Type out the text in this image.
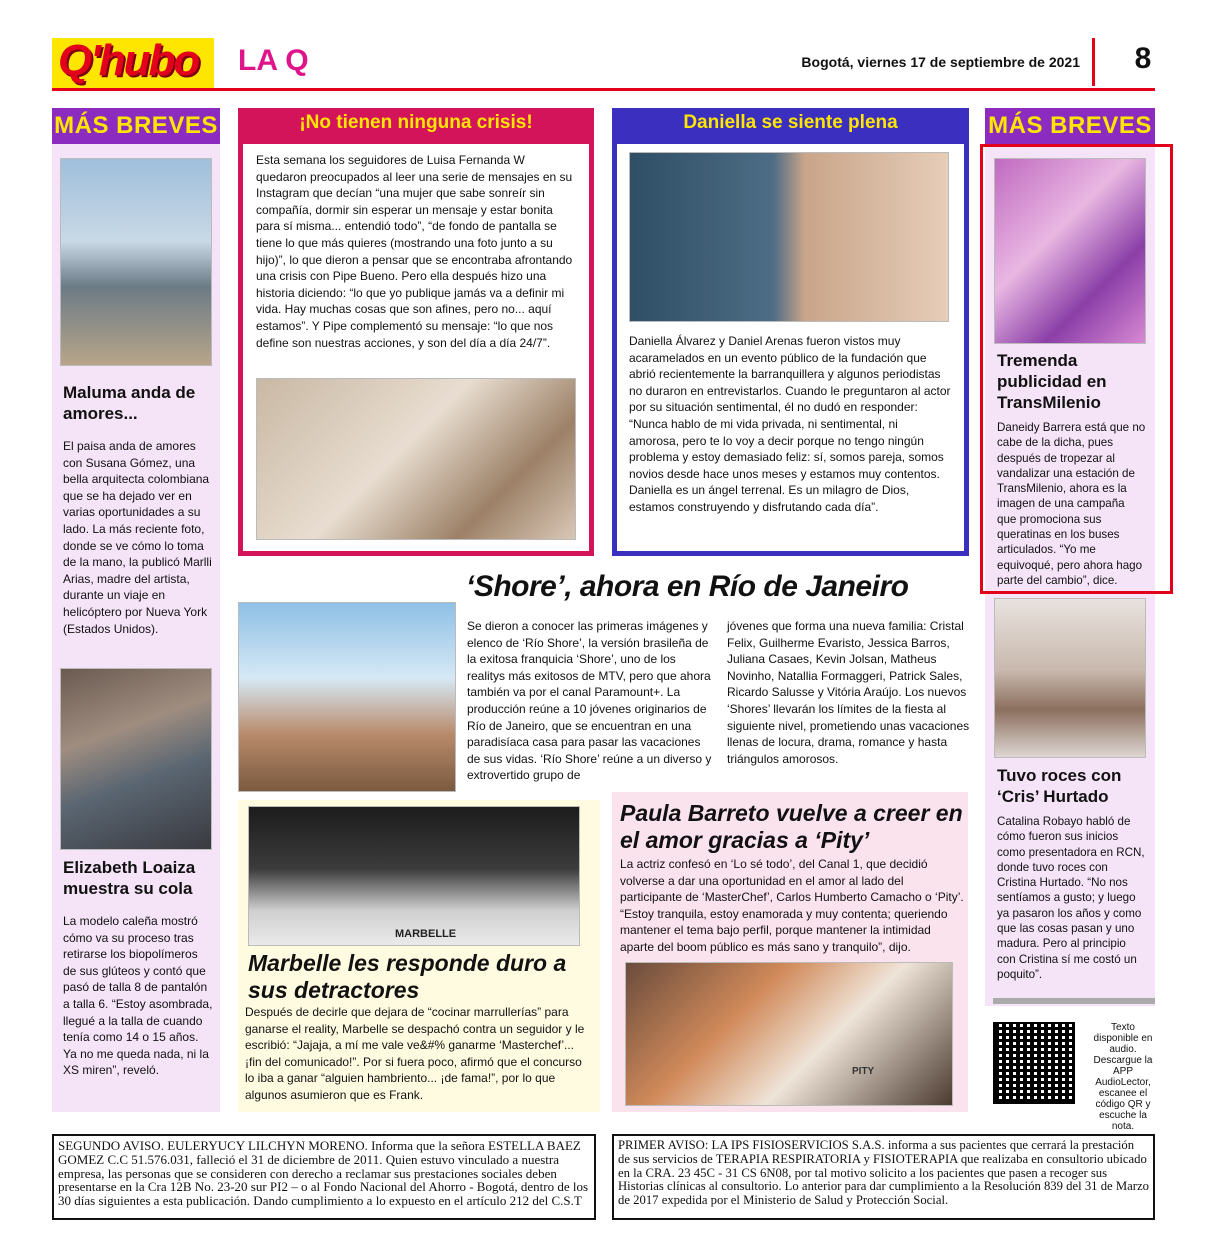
Q'hubo LA Q	Bogotá, viernes 17 de septiembre de 2021	8
MÁS BREVES
Maluma anda de amores...
El paisa anda de amores con Susana Gómez, una bella arquitecta colombiana que se ha dejado ver en varias oportunidades a su lado. La más reciente foto, donde se ve cómo lo toma de la mano, la publicó Marlli Arias, madre del artista, durante un viaje en helicóptero por Nueva York (Estados Unidos).
Elizabeth Loaiza muestra su cola
La modelo caleña mostró cómo va su proceso tras retirarse los biopolímeros de sus glúteos y contó que pasó de talla 8 de pantalón a talla 6. “Estoy asombrada, llegué a la talla de cuando tenía como 14 o 15 años. Ya no me queda nada, ni la XS miren”, reveló.
¡No tienen ninguna crisis!
Esta semana los seguidores de Luisa Fernanda W quedaron preocupados al leer una serie de mensajes en su Instagram que decían “una mujer que sabe sonreír sin compañía, dormir sin esperar un mensaje y estar bonita para sí misma... entendió todo”, “de fondo de pantalla se tiene lo que más quieres (mostrando una foto junto a su hijo)”, lo que dieron a pensar que se encontraba afrontando una crisis con Pipe Bueno. Pero ella después hizo una historia diciendo: “lo que yo publique jamás va a definir mi vida. Hay muchas cosas que son afines, pero no... aquí estamos”. Y Pipe complementó su mensaje: “lo que nos define son nuestras acciones, y son del día a día 24/7”.
Daniella se siente plena
Daniella Álvarez y Daniel Arenas fueron vistos muy acaramelados en un evento público de la fundación que abrió recientemente la barranquillera y algunos periodistas no duraron en entrevistarlos. Cuando le preguntaron al actor por su situación sentimental, él no dudó en responder: “Nunca hablo de mi vida privada, ni sentimental, ni amorosa, pero te lo voy a decir porque no tengo ningún problema y estoy demasiado feliz: sí, somos pareja, somos novios desde hace unos meses y estamos muy contentos. Daniella es un ángel terrenal. Es un milagro de Dios, estamos construyendo y disfrutando cada día”.
MÁS BREVES
Tremenda publicidad en TransMilenio
Daneidy Barrera está que no cabe de la dicha, pues después de tropezar al vandalizar una estación de TransMilenio, ahora es la imagen de una campaña que promociona sus queratinas en los buses articulados. “Yo me equivoqué, pero ahora hago parte del cambio”, dice.
Tuvo roces con ‘Cris’ Hurtado
Catalina Robayo habló de cómo fueron sus inicios como presentadora en RCN, donde tuvo roces con Cristina Hurtado. “No nos sentíamos a gusto; y luego ya pasaron los años y como que las cosas pasan y uno madura. Pero al principio con Cristina sí me costó un poquito”.
Texto disponible en audio. Descargue la APP AudioLector, escanee el código QR y escuche la nota.
‘Shore’, ahora en Río de Janeiro
Se dieron a conocer las primeras imágenes y elenco de ‘Río Shore’, la versión brasileña de la exitosa franquicia ‘Shore’, uno de los realitys más exitosos de MTV, pero que ahora también va por el canal Paramount+. La producción reúne a 10 jóvenes originarios de Río de Janeiro, que se encuentran en una paradisíaca casa para pasar las vacaciones de sus vidas. ‘Río Shore’ reúne a un diverso y extrovertido grupo de
jóvenes que forma una nueva familia: Cristal Felix, Guilherme Evaristo, Jessica Barros, Juliana Casaes, Kevin Jolsan, Matheus Novinho, Natallia Formaggeri, Patrick Sales, Ricardo Salusse y Vitória Araújo. Los nuevos ‘Shores’ llevarán los límites de la fiesta al siguiente nivel, prometiendo unas vacaciones llenas de locura, drama, romance y hasta triángulos amorosos.
MARBELLE
Marbelle les responde duro a sus detractores
Después de decirle que dejara de “cocinar marrullerías” para ganarse el reality, Marbelle se despachó contra un seguidor y le escribió: “Jajaja, a mí me vale ve&#% ganarme ‘Masterchef’... ¡fin del comunicado!”. Por si fuera poco, afirmó que el concurso lo iba a ganar “alguien hambriento... ¡de fama!”, por lo que algunos asumieron que es Frank.
Paula Barreto vuelve a creer en el amor gracias a ‘Pity’
La actriz confesó en ‘Lo sé todo’, del Canal 1, que decidió volverse a dar una oportunidad en el amor al lado del participante de ‘MasterChef’, Carlos Humberto Camacho o ‘Pity’. “Estoy tranquila, estoy enamorada y muy contenta; queriendo mantener el tema bajo perfil, porque mantener la intimidad aparte del boom público es más sano y tranquilo”, dijo.
PITY
SEGUNDO AVISO. EULERYUCY LILCHYN MORENO. Informa que la señora ESTELLA BAEZ GOMEZ C.C 51.576.031, falleció el 31 de diciembre de 2011. Quien estuvo vinculado a nuestra empresa, las personas que se consideren con derecho a reclamar sus prestaciones sociales deben presentarse en la Cra 12B No. 23-20 sur PI2 – o al Fondo Nacional del Ahorro - Bogotá, dentro de los 30 días siguientes a esta publicación. Dando cumplimiento a lo expuesto en el artículo 212 del C.S.T
PRIMER AVISO: LA IPS FISIOSERVICIOS S.A.S. informa a sus pacientes que cerrará la prestación de sus servicios de TERAPIA RESPIRATORIA y FISIOTERAPIA que realizaba en consultorio ubicado en la CRA. 23 45C - 31 CS 6N08, por tal motivo solicito a los pacientes que pasen a recoger sus Historias clínicas al consultorio. Lo anterior para dar cumplimiento a la Resolución 839 del 31 de Marzo de 2017 expedida por el Ministerio de Salud y Protección Social.
